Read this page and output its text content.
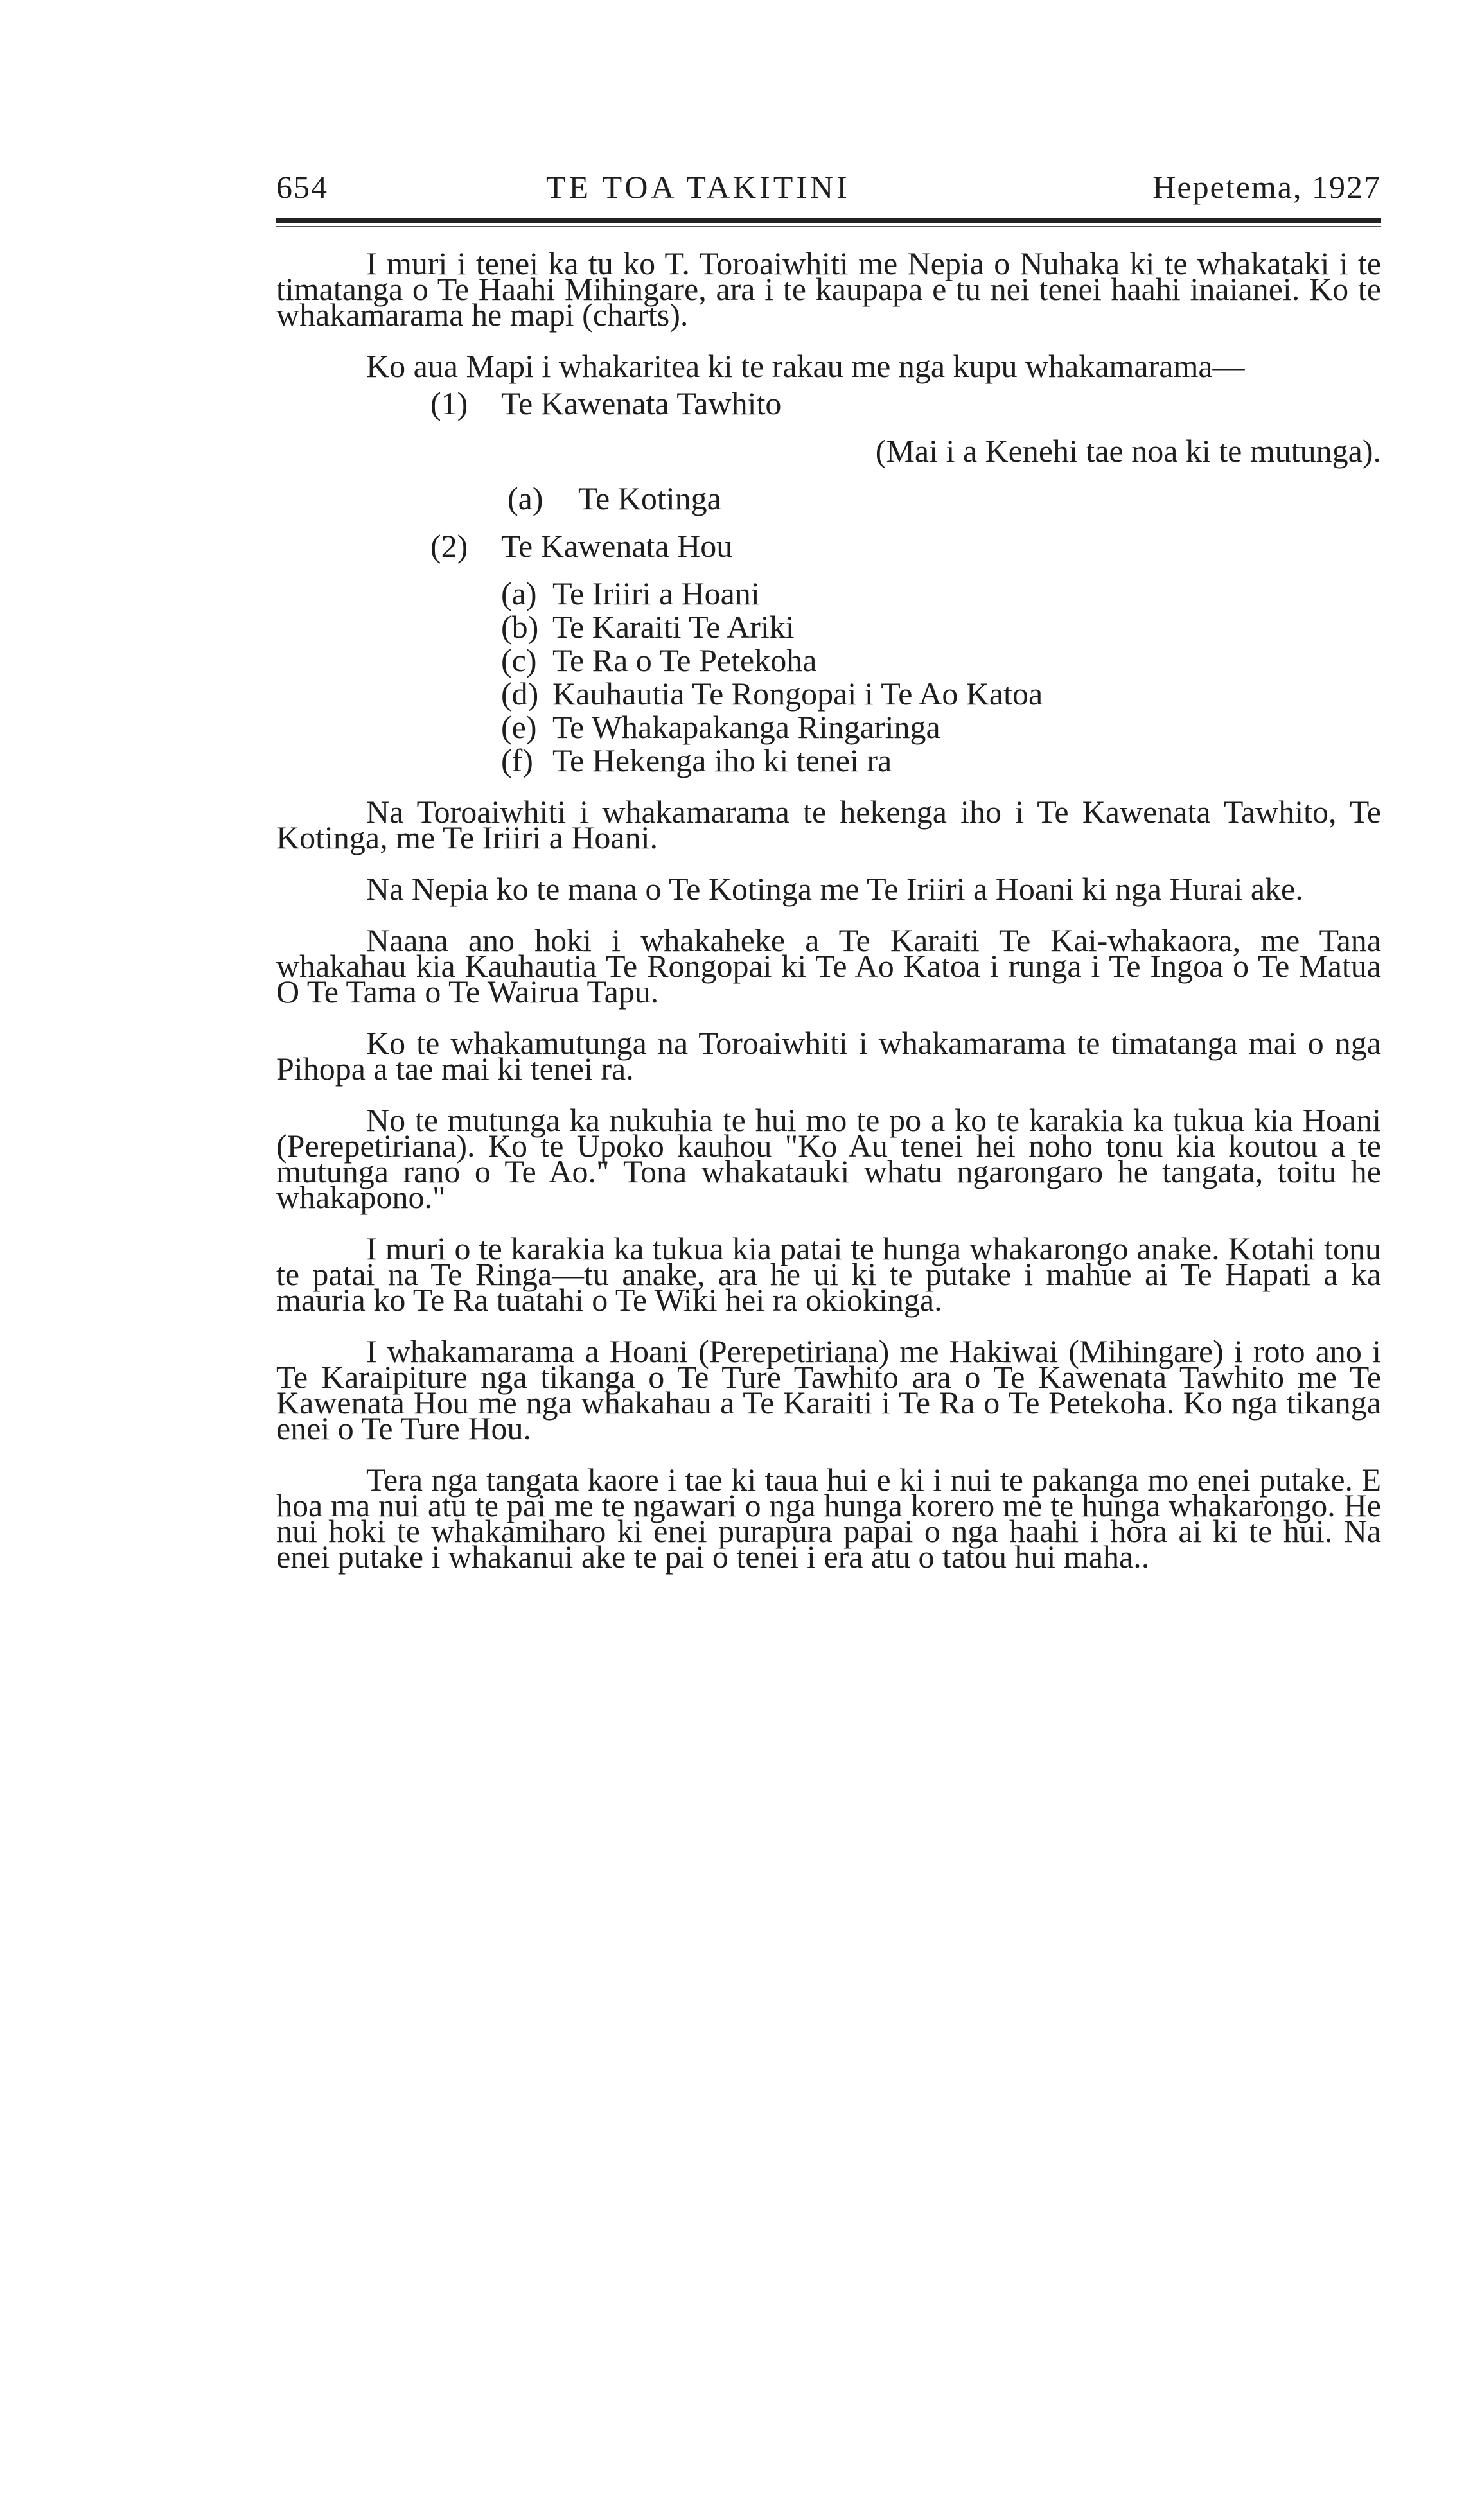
654	TE TOA TAKITINI	Hepetema, 1927

I muri i tenei ka tu ko T. Toroaiwhiti me Nepia o Nuhaka ki te whakataki i te timatanga o Te Haahi Mihingare, ara i te kaupapa e tu nei tenei haahi inaianei. Ko te whakamarama he mapi (charts).

Ko aua Mapi i whakaritea ki te rakau me nga kupu whakamarama—

(1) Te Kawenata Tawhito
(Mai i a Kenehi tae noa ki te mutunga).
(a) Te Kotinga
(2) Te Kawenata Hou
(a) Te Iriiri a Hoani
(b) Te Karaiti Te Ariki
(c) Te Ra o Te Petekoha
(d) Kauhautia Te Rongopai i Te Ao Katoa
(e) Te Whakapakanga Ringaringa
(f) Te Hekenga iho ki tenei ra

Na Toroaiwhiti i whakamarama te hekenga iho i Te Kawenata Tawhito, Te Kotinga, me Te Iriiri a Hoani.

Na Nepia ko te mana o Te Kotinga me Te Iriiri a Hoani ki nga Hurai ake.

Naana ano hoki i whakaheke a Te Karaiti Te Kai-whakaora, me Tana whakahau kia Kauhautia Te Rongopai ki Te Ao Katoa i runga i Te Ingoa o Te Matua O Te Tama o Te Wairua Tapu.

Ko te whakamutunga na Toroaiwhiti i whakamarama te timatanga mai o nga Pihopa a tae mai ki tenei ra.

No te mutunga ka nukuhia te hui mo te po a ko te karakia ka tukua kia Hoani (Perepetiriana). Ko te Upoko kauhou "Ko Au tenei hei noho tonu kia koutou a te mutunga rano o Te Ao." Tona whakatauki whatu ngarongaro he tangata, toitu he whakapono."

I muri o te karakia ka tukua kia patai te hunga whakarongo anake. Kotahi tonu te patai na Te Ringa—tu anake, ara he ui ki te putake i mahue ai Te Hapati a ka mauria ko Te Ra tuatahi o Te Wiki hei ra okiokinga.

I whakamarama a Hoani (Perepetiriana) me Hakiwai (Mihingare) i roto ano i Te Karaipiture nga tikanga o Te Ture Tawhito ara o Te Kawenata Tawhito me Te Kawenata Hou me nga whakahau a Te Karaiti i Te Ra o Te Petekoha. Ko nga tikanga enei o Te Ture Hou.

Tera nga tangata kaore i tae ki taua hui e ki i nui te pakanga mo enei putake. E hoa ma nui atu te pai me te ngawari o nga hunga korero me te hunga whakarongo. He nui hoki te whakamiharo ki enei purapura papai o nga haahi i hora ai ki te hui. Na enei putake i whakanui ake te pai o tenei i era atu o tatou hui maha..
